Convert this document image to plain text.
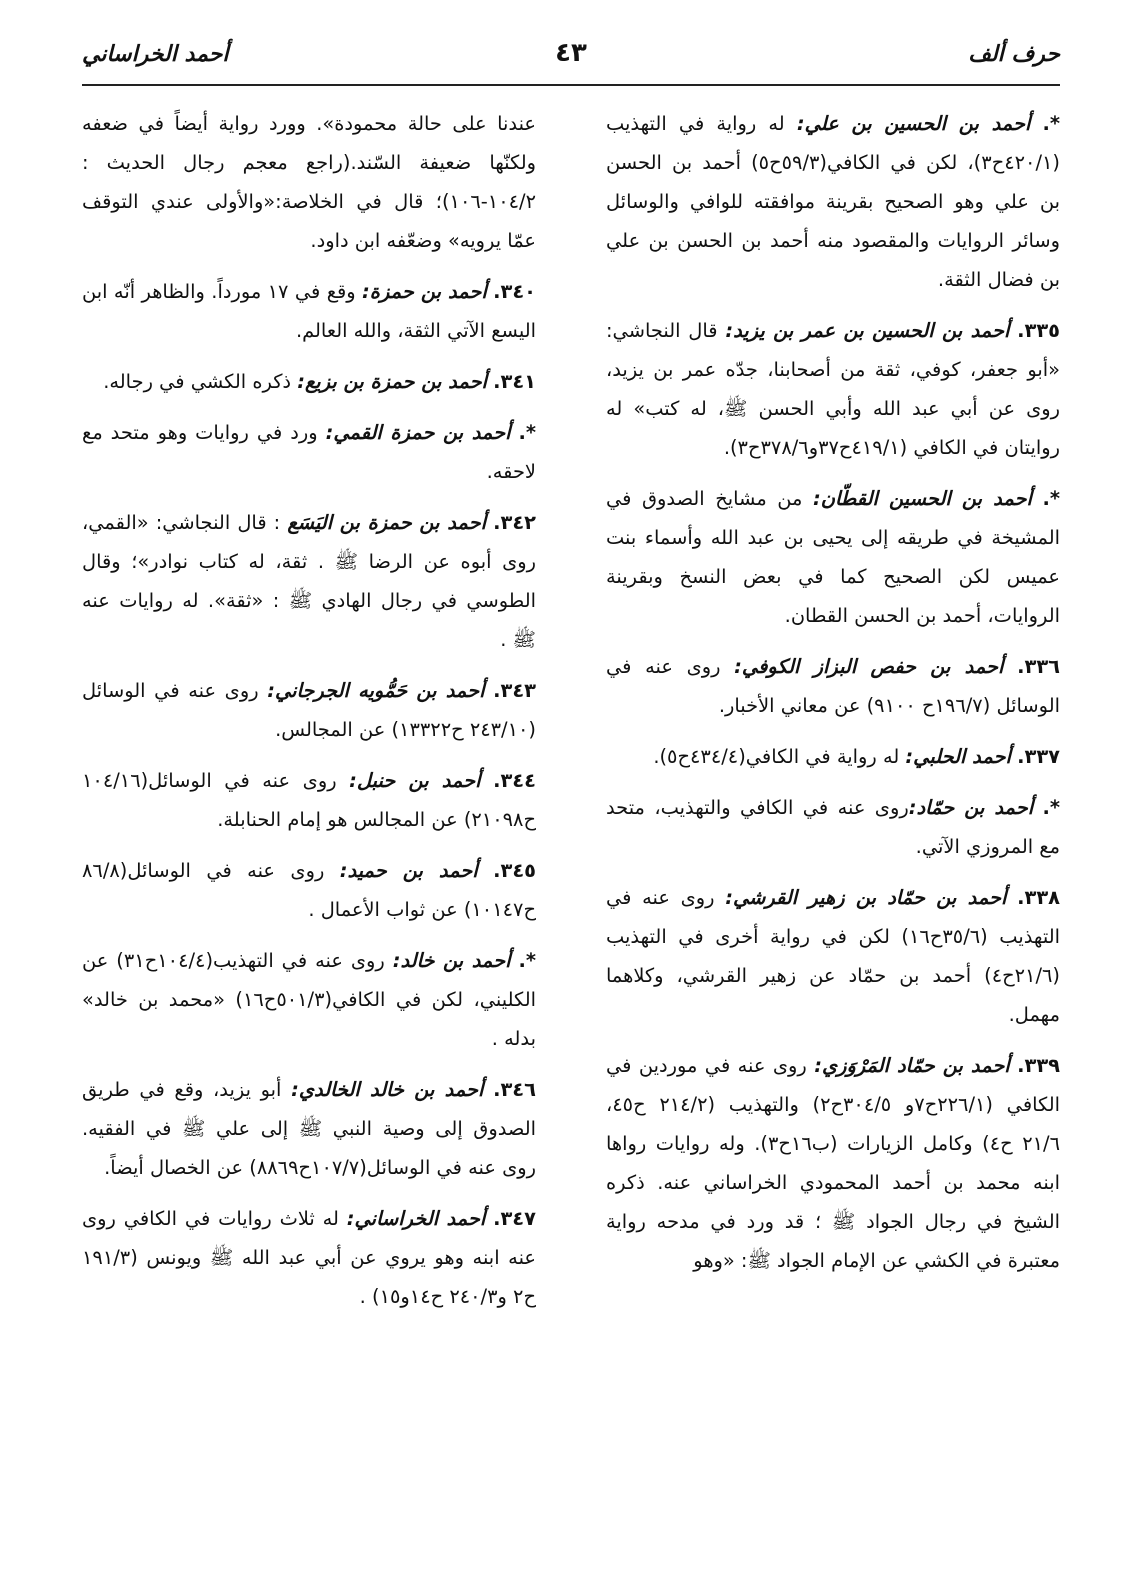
حرف ألف
٤٣
أحمد الخراساني

*. أحمد بن الحسين بن علي: له رواية في التهذيب (٤٢٠/١ح٣)، لكن في الكافي(٥٩/٣ح٥) أحمد بن الحسن بن علي وهو الصحيح بقرينة موافقته للوافي والوسائل وسائر الروايات والمقصود منه أحمد بن الحسن بن علي بن فضال الثقة.

٣٣٥. أحمد بن الحسين بن عمر بن يزيد: قال النجاشي: «أبو جعفر، كوفي، ثقة من أصحابنا، جدّه عمر بن يزيد، روى عن أبي عبد الله وأبي الحسن ﷺ، له كتب» له روايتان في الكافي (٤١٩/١ح٣٧و٣٧٨/٦ح٣).

*. أحمد بن الحسين القطّان: من مشايخ الصدوق في المشيخة في طريقه إلى يحيى بن عبد الله وأسماء بنت عميس لكن الصحيح كما في بعض النسخ وبقرينة الروايات، أحمد بن الحسن القطان.

٣٣٦. أحمد بن حفص البزاز الكوفي: روى عنه في الوسائل (١٩٦/٧ح ٩١٠٠) عن معاني الأخبار.

٣٣٧. أحمد الحلبي: له رواية في الكافي(٤٣٤/٤ح٥).

*. أحمد بن حمّاد:روى عنه في الكافي والتهذيب، متحد مع المروزي الآتي.

٣٣٨. أحمد بن حمّاد بن زهير القرشي: روى عنه في التهذيب (٣٥/٦ح١٦) لكن في رواية أخرى في التهذيب (٢١/٦ح٤) أحمد بن حمّاد عن زهير القرشي، وكلاهما مهمل.

٣٣٩. أحمد بن حمّاد المَرْوَزي: روى عنه في موردين في الكافي (٢٢٦/١ح٧و ٣٠٤/٥ح٢) والتهذيب (٢١٤/٢ ح٤٥، ٢١/٦ ح٤) وكامل الزيارات (ب١٦ح٣). وله روايات رواها ابنه محمد بن أحمد المحمودي الخراساني عنه. ذكره الشيخ في رجال الجواد ﷺ ؛ قد ورد في مدحه رواية معتبرة في الكشي عن الإمام الجواد ﷺ: «وهو

عندنا على حالة محمودة». وورد رواية أيضاً في ضعفه ولكنّها ضعيفة السّند.(راجع معجم رجال الحديث : ١٠٤/٢-١٠٦)؛ قال في الخلاصة:«والأولى عندي التوقف عمّا يرويه» وضعّفه ابن داود.

٣٤٠. أحمد بن حمزة: وقع في ١٧ مورداً. والظاهر أنّه ابن اليسع الآتي الثقة، والله العالم.

٣٤١. أحمد بن حمزة بن بزيع: ذكره الكشي في رجاله.

*. أحمد بن حمزة القمي: ورد في روايات وهو متحد مع لاحقه.

٣٤٢. أحمد بن حمزة بن اليَسَع : قال النجاشي: «القمي، روى أبوه عن الرضا ﷺ . ثقة، له كتاب نوادر»؛ وقال الطوسي في رجال الهادي ﷺ : «ثقة». له روايات عنه ﷺ .

٣٤٣. أحمد بن حَمُّويه الجرجاني: روى عنه في الوسائل (٢٤٣/١٠ ح١٣٣٢٢) عن المجالس.

٣٤٤. أحمد بن حنبل: روى عنه في الوسائل(١٠٤/١٦ ح٢١٠٩٨) عن المجالس هو إمام الحنابلة.

٣٤٥. أحمد بن حميد: روى عنه في الوسائل(٨٦/٨ ح١٠١٤٧) عن ثواب الأعمال .

*. أحمد بن خالد: روى عنه في التهذيب(١٠٤/٤ح٣١) عن الكليني، لكن في الكافي(٥٠١/٣ح١٦) «محمد بن خالد» بدله .

٣٤٦. أحمد بن خالد الخالدي: أبو يزيد، وقع في طريق الصدوق إلى وصية النبي ﷺ إلى علي ﷺ في الفقيه. روى عنه في الوسائل(١٠٧/٧ح٨٨٦٩) عن الخصال أيضاً.

٣٤٧. أحمد الخراساني: له ثلاث روايات في الكافي روى عنه ابنه وهو يروي عن أبي عبد الله ﷺ ويونس (١٩١/٣ ح٢ و٢٤٠/٣ ح١٤و١٥) .
